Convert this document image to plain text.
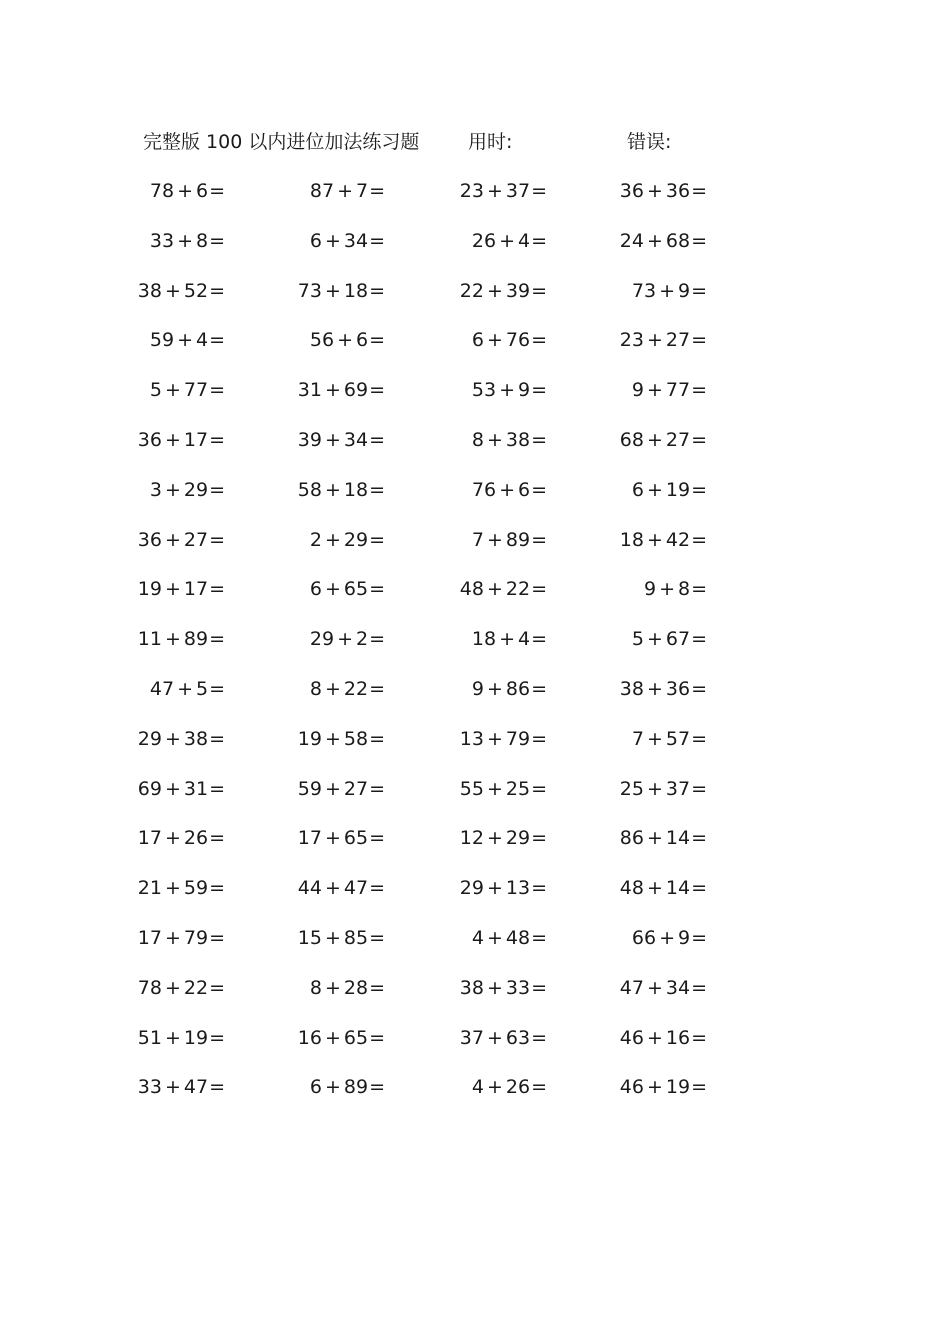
完整版 100 以内进位加法练习题	用时:	错误:
78 + 6 =	87 + 7 =	23 + 37 =	36 + 36 =
33 + 8 =	6 + 34 =	26 + 4 =	24 + 68 =
38 + 52 =	73 + 18 =	22 + 39 =	73 + 9 =
59 + 4 =	56 + 6 =	6 + 76 =	23 + 27 =
5 + 77 =	31 + 69 =	53 + 9 =	9 + 77 =
36 + 17 =	39 + 34 =	8 + 38 =	68 + 27 =
3 + 29 =	58 + 18 =	76 + 6 =	6 + 19 =
36 + 27 =	2 + 29 =	7 + 89 =	18 + 42 =
19 + 17 =	6 + 65 =	48 + 22 =	9 + 8 =
11 + 89 =	29 + 2 =	18 + 4 =	5 + 67 =
47 + 5 =	8 + 22 =	9 + 86 =	38 + 36 =
29 + 38 =	19 + 58 =	13 + 79 =	7 + 57 =
69 + 31 =	59 + 27 =	55 + 25 =	25 + 37 =
17 + 26 =	17 + 65 =	12 + 29 =	86 + 14 =
21 + 59 =	44 + 47 =	29 + 13 =	48 + 14 =
17 + 79 =	15 + 85 =	4 + 48 =	66 + 9 =
78 + 22 =	8 + 28 =	38 + 33 =	47 + 34 =
51 + 19 =	16 + 65 =	37 + 63 =	46 + 16 =
33 + 47 =	6 + 89 =	4 + 26 =	46 + 19 =
